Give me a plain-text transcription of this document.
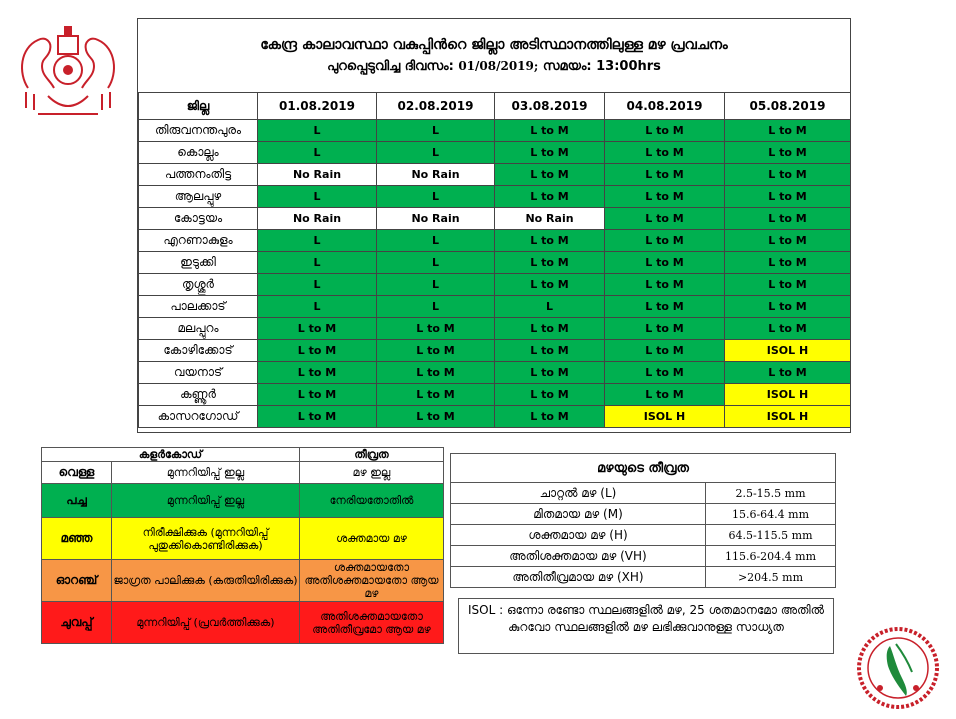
കേന്ദ്ര കാലാവസ്ഥാ വകുപ്പിൻറെ ജില്ലാ അടിസ്ഥാനത്തിലുള്ള മഴ പ്രവചനം
പുറപ്പെടുവിച്ച ദിവസം: 01/08/2019; സമയം: 13:00hrs
ജില്ല	01.08.2019	02.08.2019	03.08.2019	04.08.2019	05.08.2019
തിരുവനന്തപുരം	L	L	L to M	L to M	L to M
കൊല്ലം	L	L	L to M	L to M	L to M
പത്തനംതിട്ട	No Rain	No Rain	L to M	L to M	L to M
ആലപ്പുഴ	L	L	L to M	L to M	L to M
കോട്ടയം	No Rain	No Rain	No Rain	L to M	L to M
എറണാകുളം	L	L	L to M	L to M	L to M
ഇടുക്കി	L	L	L to M	L to M	L to M
തൃശ്ശൂർ	L	L	L to M	L to M	L to M
പാലക്കാട്	L	L	L	L to M	L to M
മലപ്പുറം	L to M	L to M	L to M	L to M	L to M
കോഴിക്കോട്	L to M	L to M	L to M	L to M	ISOL H
വയനാട്	L to M	L to M	L to M	L to M	L to M
കണ്ണൂർ	L to M	L to M	L to M	L to M	ISOL H
കാസറഗോഡ്	L to M	L to M	L to M	ISOL H	ISOL H
കളർകോഡ്		തീവ്രത
വെള്ള	മുന്നറിയിപ്പ് ഇല്ല	മഴ ഇല്ല
പച്ച	മുന്നറിയിപ്പ് ഇല്ല	നേരിയതോതിൽ
മഞ്ഞ	നിരീക്ഷിക്കുക (മുന്നറിയിപ്പ് പുതുക്കികൊണ്ടിരിക്കുക)	ശക്തമായ മഴ
ഓറഞ്ച്	ജാഗ്രത പാലിക്കുക (കരുതിയിരിക്കുക)	ശക്തമായതോ അതിശക്തമായതോ ആയ മഴ
ചുവപ്പ്	മുന്നറിയിപ്പ് (പ്രവർത്തിക്കുക)	അതിശക്തമായതോ അതിതീവ്രമോ ആയ മഴ
മഴയുടെ തീവ്രത	
ചാറ്റൽ മഴ (L)	2.5-15.5 mm
മിതമായ മഴ (M)	15.6-64.4 mm
ശക്തമായ മഴ (H)	64.5-115.5 mm
അതിശക്തമായ മഴ (VH)	115.6-204.4 mm
അതിതീവ്രമായ മഴ (XH)	>204.5 mm
ISOL : ഒന്നോ രണ്ടോ സ്ഥലങ്ങളിൽ മഴ, 25 ശതമാനമോ അതിൽ കുറവോ സ്ഥലങ്ങളിൽ മഴ ലഭിക്കുവാനുള്ള സാധ്യത
